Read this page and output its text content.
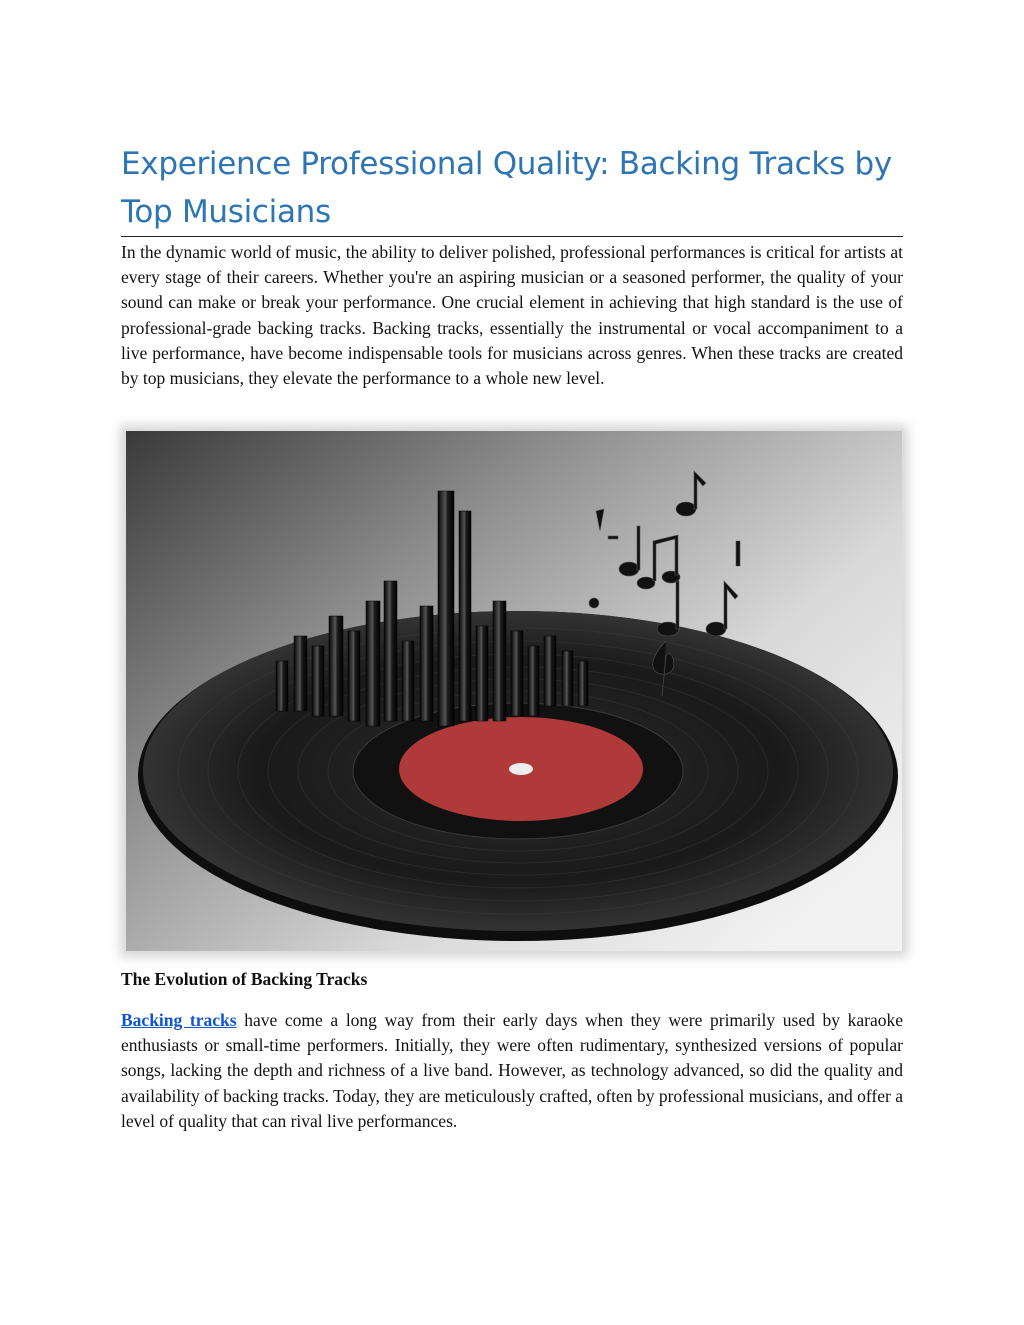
Experience Professional Quality: Backing Tracks by Top Musicians

In the dynamic world of music, the ability to deliver polished, professional performances is critical for artists at every stage of their careers. Whether you're an aspiring musician or a seasoned performer, the quality of your sound can make or break your performance. One crucial element in achieving that high standard is the use of professional-grade backing tracks. Backing tracks, essentially the instrumental or vocal accompaniment to a live performance, have become indispensable tools for musicians across genres. When these tracks are created by top musicians, they elevate the performance to a whole new level.

The Evolution of Backing Tracks

Backing tracks have come a long way from their early days when they were primarily used by karaoke enthusiasts or small-time performers. Initially, they were often rudimentary, synthesized versions of popular songs, lacking the depth and richness of a live band. However, as technology advanced, so did the quality and availability of backing tracks. Today, they are meticulously crafted, often by professional musicians, and offer a level of quality that can rival live performances.
